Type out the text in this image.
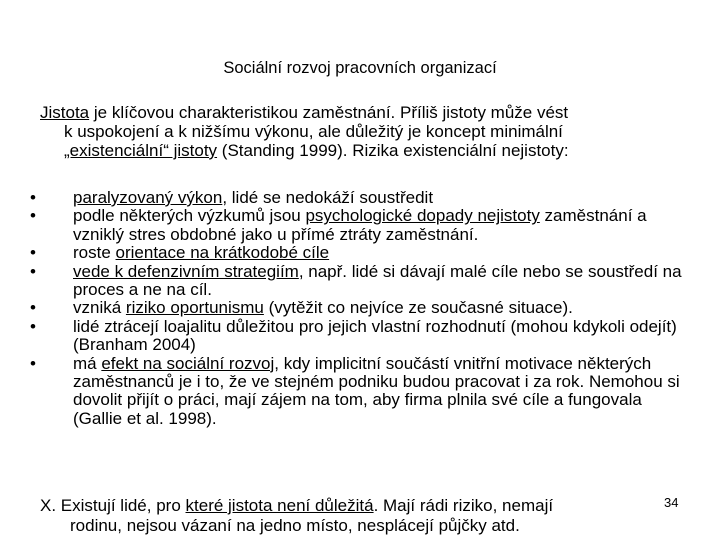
Sociální rozvoj pracovních organizací
Jistota je klíčovou charakteristikou zaměstnání. Příliš jistoty může vést
k uspokojení a k nižšímu výkonu, ale důležitý je koncept minimální
„existenciální“ jistoty (Standing 1999). Rizika existenciální nejistoty:
•	paralyzovaný výkon, lidé se nedokáží soustředit
•	podle některých výzkumů jsou psychologické dopady nejistoty zaměstnání a vzniklý stres obdobné jako u přímé ztráty zaměstnání.
•	roste orientace na krátkodobé cíle
•	vede k defenzivním strategiím, např. lidé si dávají malé cíle nebo se soustředí na proces a ne na cíl.
•	vzniká riziko oportunismu (vytěžit co nejvíce ze současné situace).
•	lidé ztrácejí loajalitu důležitou pro jejich vlastní rozhodnutí (mohou kdykoli odejít) (Branham 2004)
•	má efekt na sociální rozvoj, kdy implicitní součástí vnitřní motivace některých zaměstnanců je i to, že ve stejném podniku budou pracovat i za rok. Nemohou si dovolit přijít o práci, mají zájem na tom, aby firma plnila své cíle a fungovala (Gallie et al. 1998).
X. Existují lidé, pro které jistota není důležitá. Mají rádi riziko, nemají
rodinu, nejsou vázaní na jedno místo, nesplácejí půjčky atd.
34
